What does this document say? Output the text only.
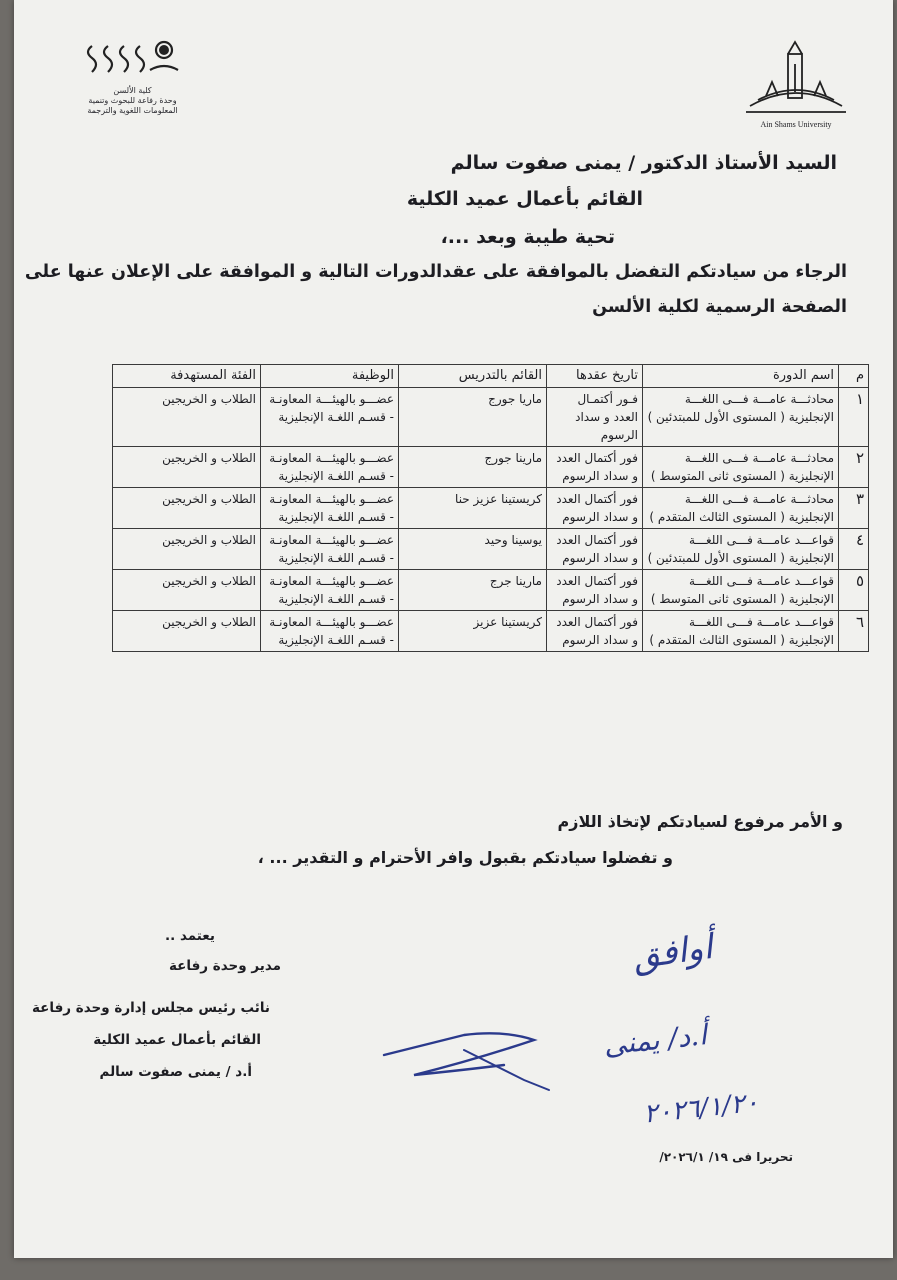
كلية الألسن
وحدة رفاعة للبحوث وتنمية
المعلومات اللغوية والترجمة
Ain Shams University
السيد الأستاذ الدكتور / يمنى صفوت سالم
القائم بأعمال عميد الكلية
تحية طيبة وبعد ...،
الرجاء من سيادتكم التفضل بالموافقة على عقدالدورات التالية و الموافقة على الإعلان عنها على
الصفحة الرسمية لكلية الألسن
م	اسم الدورة	تاريخ عقدها	القائم بالتدريس	الوظيفة	الفئة المستهدفة
١	محادثـــة عامـــة فـــى اللغـــة الإنجليزية ( المستوى الأول للمبتدئين )	فـور أكتمـال العدد و سداد الرسوم	ماريا جورج	عضـــو بالهيئـــة المعاونـة - قسـم اللغـة الإنجليزية	الطلاب و الخريجين
٢	محادثـــة عامـــة فـــى اللغـــة الإنجليزية ( المستوى ثانى المتوسط )	فور أكتمال العدد و سداد الرسوم	مارينا جورج	عضـــو بالهيئـــة المعاونـة - قسـم اللغـة الإنجليزية	الطلاب و الخريجين
٣	محادثـــة عامـــة فـــى اللغـــة الإنجليزية ( المستوى الثالث المتقدم )	فور أكتمال العدد و سداد الرسوم	كريستينا عزيز حنا	عضـــو بالهيئـــة المعاونـة - قسـم اللغـة الإنجليزية	الطلاب و الخريجين
٤	قواعـــد عامـــة فـــى اللغـــة الإنجليزية ( المستوى الأول للمبتدئين )	فور أكتمال العدد و سداد الرسوم	يوسينا وحيد	عضـــو بالهيئـــة المعاونـة - قسـم اللغـة الإنجليزية	الطلاب و الخريجين
٥	قواعـــد عامـــة فـــى اللغـــة الإنجليزية ( المستوى ثانى المتوسط )	فور أكتمال العدد و سداد الرسوم	مارينا جرج	عضـــو بالهيئـــة المعاونـة - قسـم اللغـة الإنجليزية	الطلاب و الخريجين
٦	قواعـــد عامـــة فـــى اللغـــة الإنجليزية ( المستوى الثالث المتقدم )	فور أكتمال العدد و سداد الرسوم	كريستينا عزيز	عضـــو بالهيئـــة المعاونـة - قسـم اللغـة الإنجليزية	الطلاب و الخريجين
و الأمر مرفوع لسيادتكم لإتخاذ اللازم
و تفضلوا سيادتكم بقبول وافر الأحترام و التقدير ... ،
يعتمد ..
مدير وحدة رفاعة
نائب رئيس مجلس إدارة وحدة رفاعة
القائم بأعمال عميد الكلية
أ.د / يمنى صفوت سالم
أوافق
أ.د/ يمنى
٢٠٢٦/١/٢٠
تحريرا فى ١٩/ ٢٠٢٦/١/
